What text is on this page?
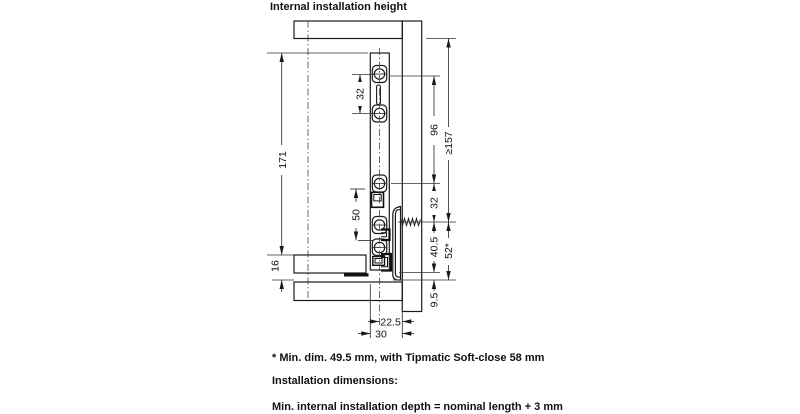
Internal installation height
32
171
50
16
96
≥157
32
40.5 52*
9.5
22.5
30
* Min. dim. 49.5 mm, with Tipmatic Soft-close 58 mm
Installation dimensions:

Min. internal installation depth = nominal length + 3 mm
